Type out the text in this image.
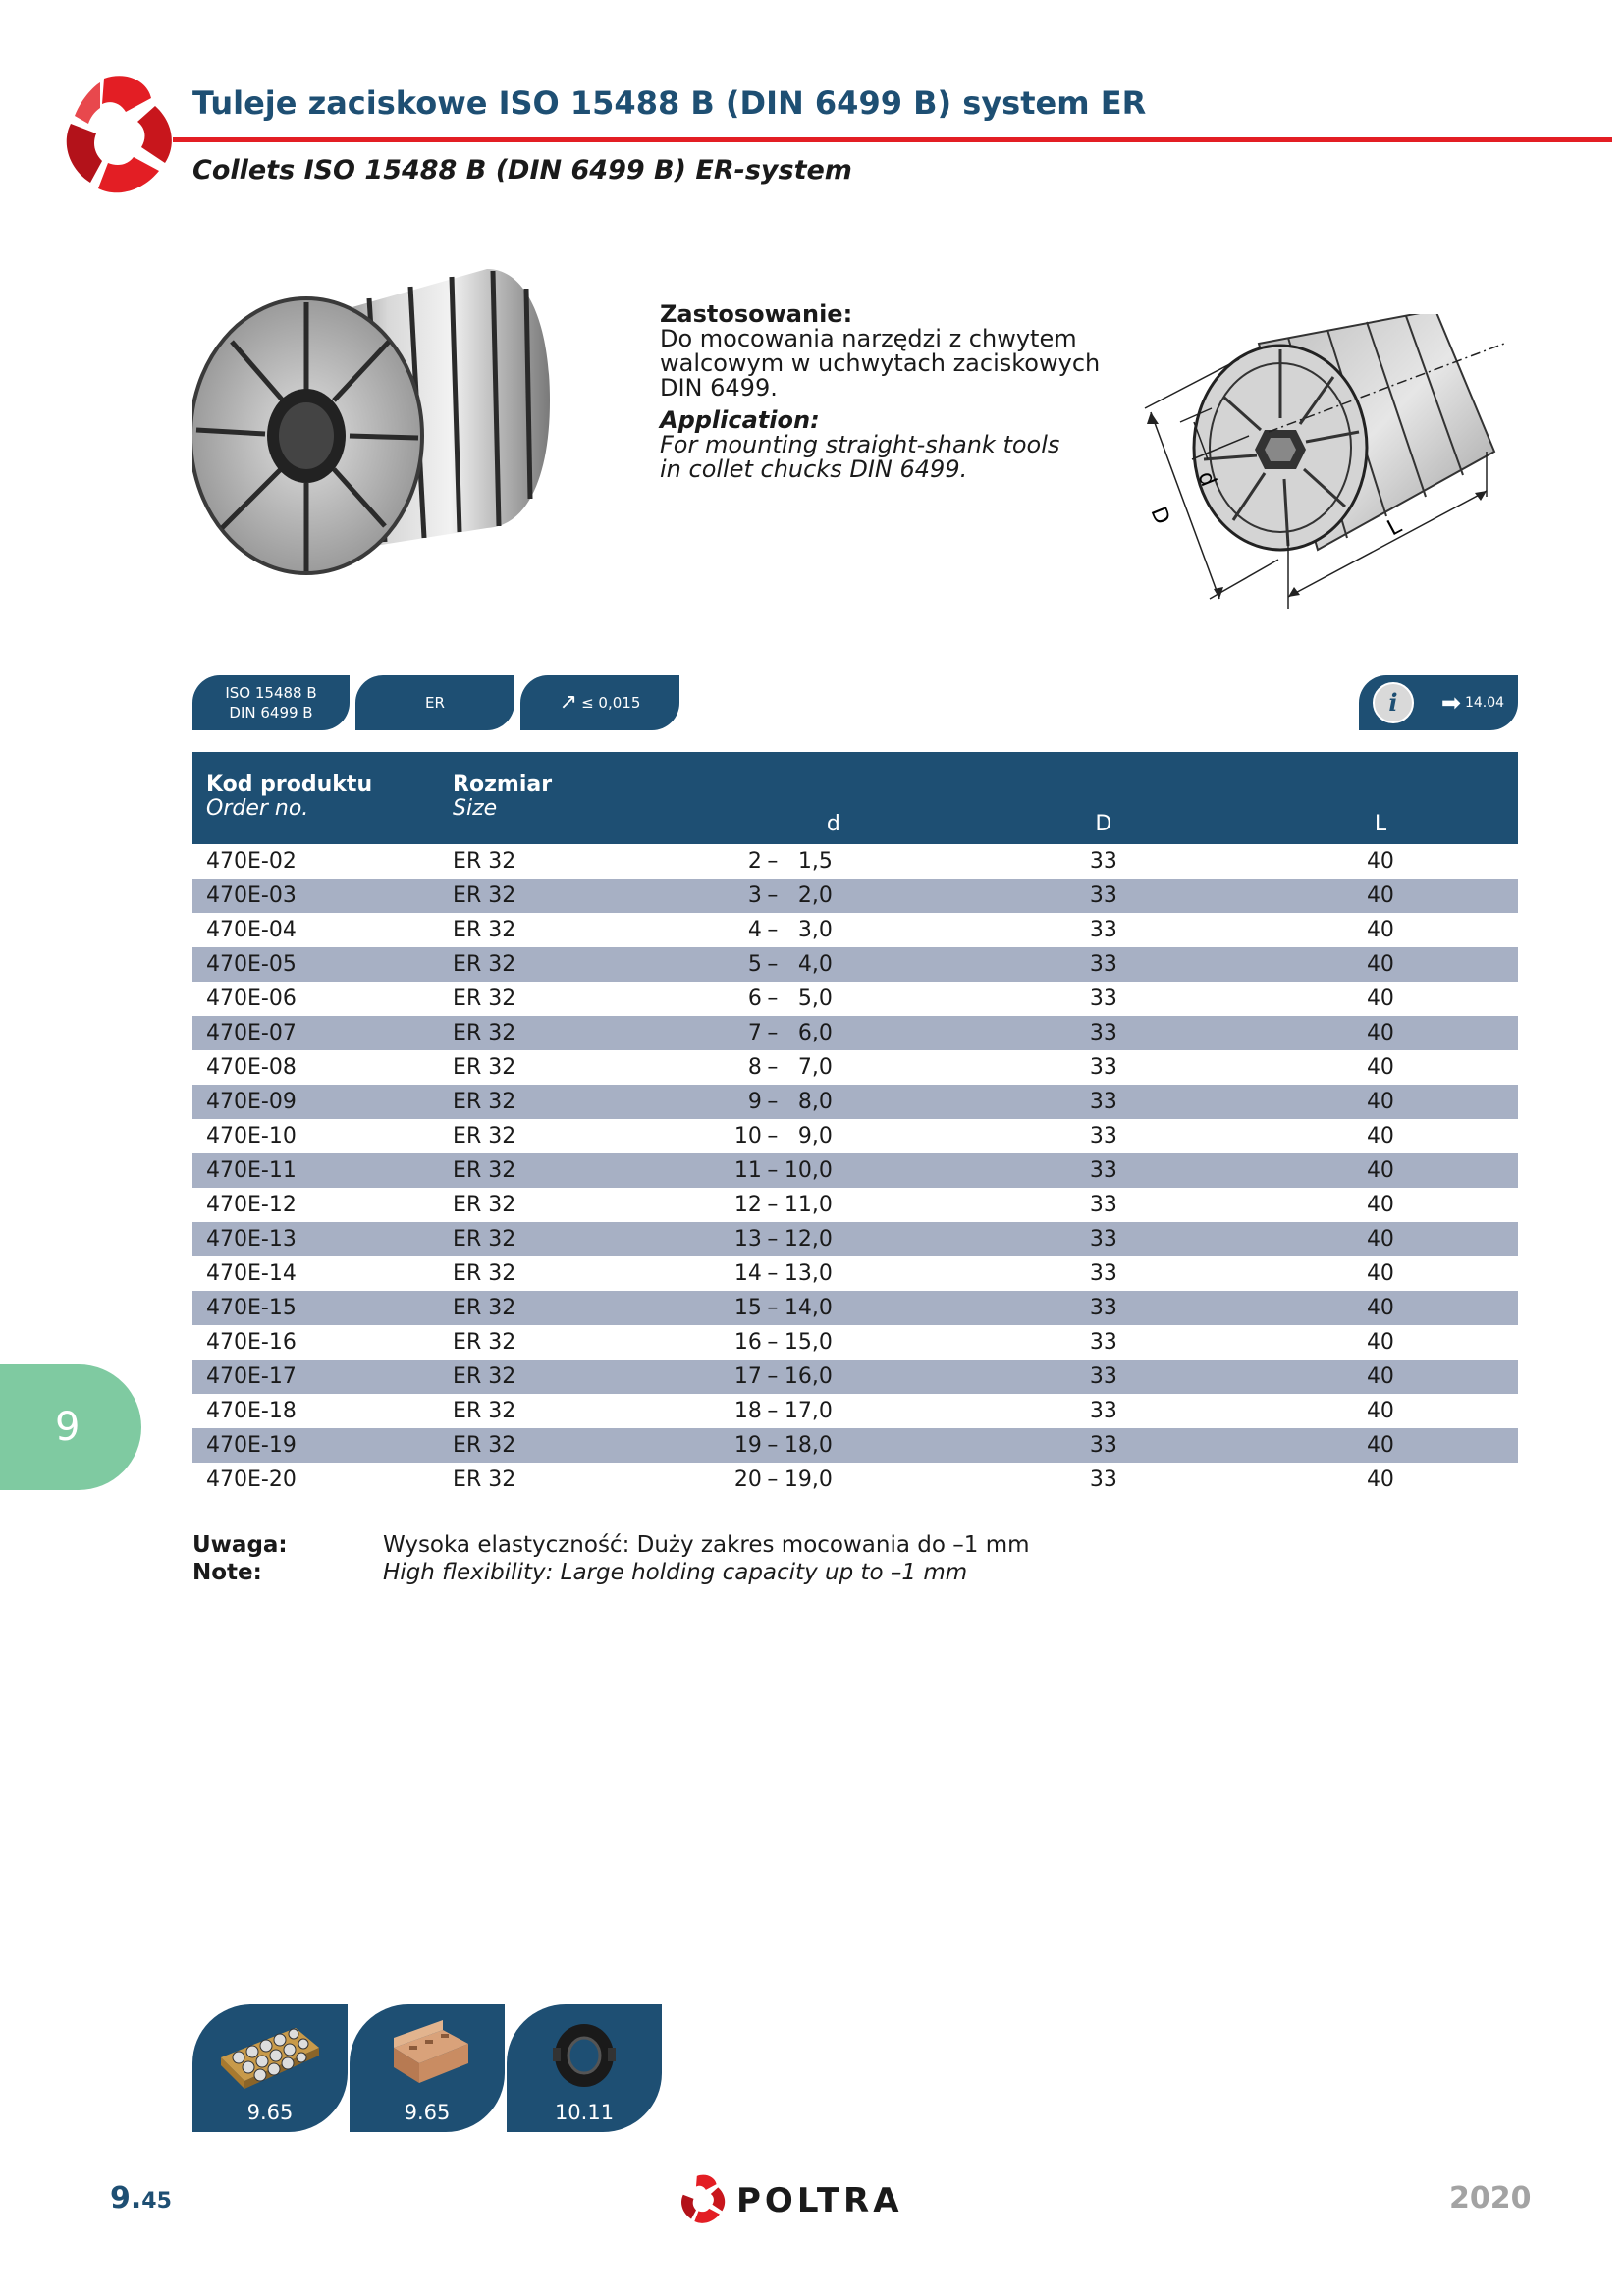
Tuleje zaciskowe ISO 15488 B (DIN 6499 B) system ER
Collets ISO 15488 B (DIN 6499 B) ER-system
Zastosowanie:
Do mocowania narzędzi z chwytem
walcowym w uchwytach zaciskowych
DIN 6499.
Application:
For mounting straight-shank tools
in collet chucks DIN 6499.
D
d
L
ISO 15488 B
DIN 6499 B
ER	↗ ≤ 0,015	i	➡ 14.04
Kod produktu
Order no.	Rozmiar
Size	d	D	L
470E-02	ER 32	2 – 1,5	33	40
470E-03	ER 32	3 – 2,0	33	40
470E-04	ER 32	4 – 3,0	33	40
470E-05	ER 32	5 – 4,0	33	40
470E-06	ER 32	6 – 5,0	33	40
470E-07	ER 32	7 – 6,0	33	40
470E-08	ER 32	8 – 7,0	33	40
470E-09	ER 32	9 – 8,0	33	40
470E-10	ER 32	10 – 9,0	33	40
470E-11	ER 32	11 – 10,0	33	40
470E-12	ER 32	12 – 11,0	33	40
470E-13	ER 32	13 – 12,0	33	40
470E-14	ER 32	14 – 13,0	33	40
470E-15	ER 32	15 – 14,0	33	40
470E-16	ER 32	16 – 15,0	33	40
470E-17	ER 32	17 – 16,0	33	40
470E-18	ER 32	18 – 17,0	33	40
470E-19	ER 32	19 – 18,0	33	40
470E-20	ER 32	20 – 19,0	33	40
9
Uwaga:	Wysoka elastyczność: Duży zakres mocowania do –1 mm
Note:	High flexibility: Large holding capacity up to –1 mm
9.65	9.65	10.11
9.45	POLTRA	2020
